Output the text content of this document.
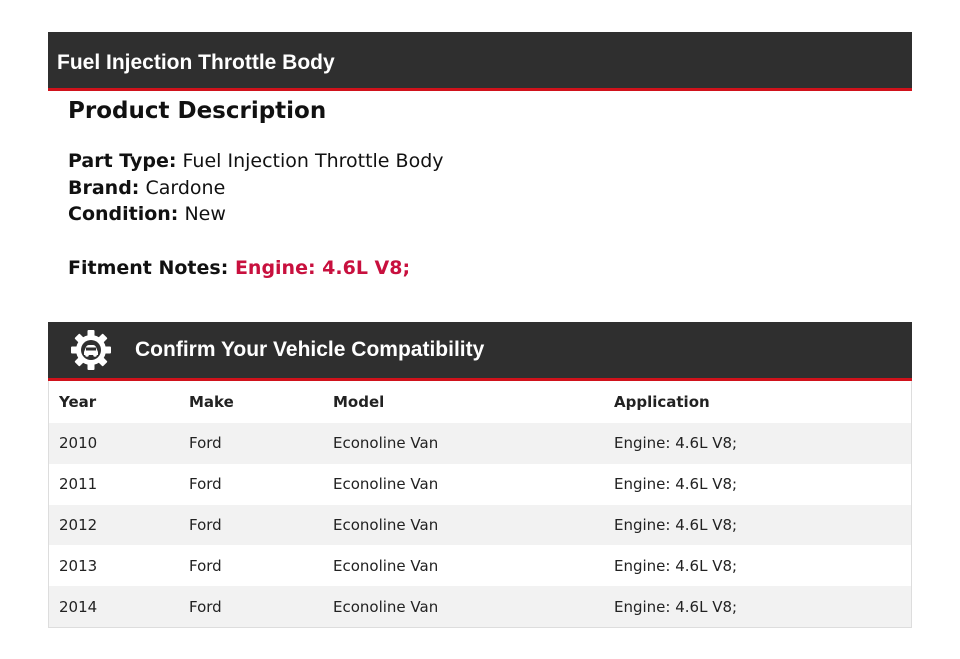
Fuel Injection Throttle Body
Product Description
Part Type: Fuel Injection Throttle Body
Brand: Cardone
Condition: New
Fitment Notes: Engine: 4.6L V8;
Confirm Your Vehicle Compatibility
Year	Make	Model	Application
2010	Ford	Econoline Van	Engine: 4.6L V8;
2011	Ford	Econoline Van	Engine: 4.6L V8;
2012	Ford	Econoline Van	Engine: 4.6L V8;
2013	Ford	Econoline Van	Engine: 4.6L V8;
2014	Ford	Econoline Van	Engine: 4.6L V8;
